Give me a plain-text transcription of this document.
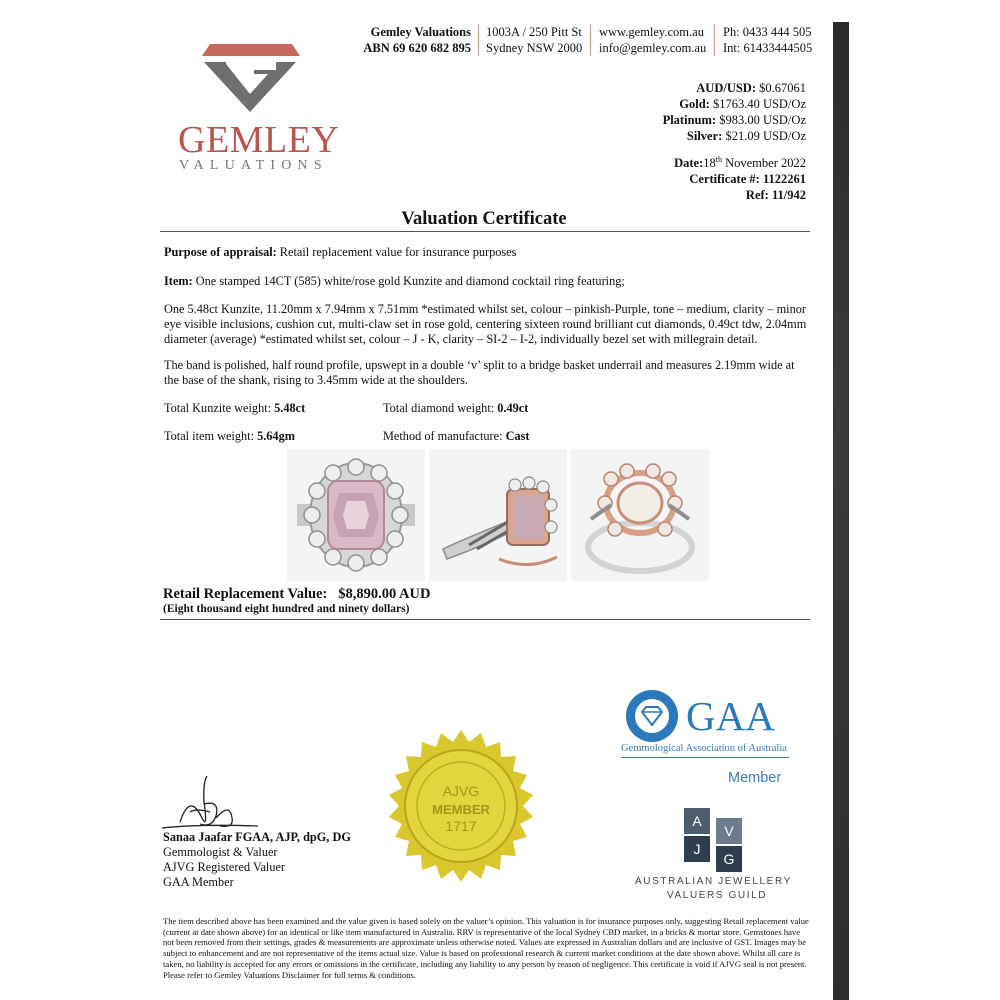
GEMLEY
VALUATIONS
Gemley Valuations
ABN 69 620 682 895
1003A / 250 Pitt St
Sydney NSW 2000
www.gemley.com.au
info@gemley.com.au
Ph: 0433 444 505
Int: 61433444505
AUD/USD: $0.67061
Gold: $1763.40 USD/Oz
Platinum: $983.00 USD/Oz
Silver: $21.09 USD/Oz
Date:18th November 2022
Certificate #: 1122261
Ref: 11/942
Valuation Certificate
Purpose of appraisal: Retail replacement value for insurance purposes
Item: One stamped 14CT (585) white/rose gold Kunzite and diamond cocktail ring featuring;
One 5.48ct Kunzite, 11.20mm x 7.94mm x 7.51mm *estimated whilst set, colour – pinkish-Purple, tone – medium, clarity – minor eye visible inclusions, cushion cut, multi-claw set in rose gold, centering sixteen round brilliant cut diamonds, 0.49ct tdw, 2.04mm diameter (average) *estimated whilst set, colour – J - K, clarity – SI-2 – I-2, individually bezel set with millegrain detail.
The band is polished, half round profile, upswept in a double ‘v’ split to a bridge basket underrail and measures 2.19mm wide at the base of the shank, rising to 3.45mm wide at the shoulders.
Total Kunzite weight: 5.48ct	Total diamond weight: 0.49ct
Total item weight: 5.64gm	Method of manufacture: Cast
Retail Replacement Value: $8,890.00 AUD
(Eight thousand eight hundred and ninety dollars)
AJVG
MEMBER
1717
GAA
Gemmological Association of Australia
Member
A
V
J
G
AUSTRALIAN JEWELLERY
VALUERS GUILD
Sanaa Jaafar FGAA, AJP, dpG, DG
Gemmologist & Valuer
AJVG Registered Valuer
GAA Member
The item described above has been examined and the value given is based solely on the valuer’s opinion. This valuation is for insurance purposes only, suggesting Retail replacement value (current at date shown above) for an identical or like item manufactured in Australia. RRV is representative of the local Sydney CBD market, in a bricks & mortar store. Gemstones have not been removed from their settings, grades & measurements are approximate unless otherwise noted. Values are expressed in Australian dollars and are inclusive of GST. Images may be subject to enhancement and are not representative of the items actual size. Value is based on professional research & current market conditions at the date shown above. Whilst all care is taken, no liability is accepted for any errors or omissions in the certificate, including any liability to any person by reason of negligence. This certificate is void if AJVG seal is not present. Please refer to Gemley Valuations Disclaimer for full terms & conditions.
